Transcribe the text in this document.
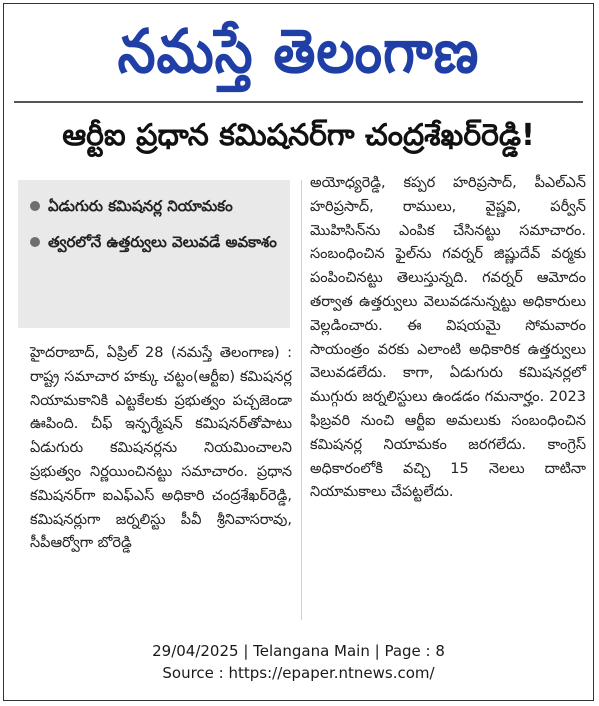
నమస్తే తెలంగాణ
ఆర్టీఐ ప్రధాన కమిషనర్‌గా చంద్రశేఖర్‌రెడ్డి!
ఏడుగురు కమిషనర్ల నియామకం
త్వరలోనే ఉత్తర్వులు వెలువడే అవకాశం

హైదరాబాద్, ఏప్రిల్ 28 (నమస్తే తెలంగాణ) : రాష్ట్ర సమాచార హక్కు చట్టం(ఆర్టీఐ) కమిషనర్ల నియామకానికి ఎట్టకేలకు ప్రభుత్వం పచ్చజెండా ఊపింది. చీఫ్ ఇన్ఫర్మేషన్ కమిషనర్‌తోపాటు ఏడుగురు కమిషనర్లను నియమించాలని ప్రభుత్వం నిర్ణయించినట్టు సమాచారం. ప్రధాన కమిషనర్‌గా ఐఎఫ్ఎస్ అధికారి చంద్రశేఖర్‌రెడ్డి, కమిషనర్లుగా జర్నలిస్టు పీవీ శ్రీనివాసరావు, సీపీఆర్వోగా బోరెడ్డి

అయోధ్యరెడ్డి, కప్పర హరిప్రసాద్, పీఎల్ఎన్ హరిప్రసాద్, రాములు, వైష్ణవి, పర్వీన్ మొహిసిన్‌ను ఎంపిక చేసినట్టు సమాచారం. సంబంధించిన ఫైల్‌ను గవర్నర్ జిష్ణుదేవ్ వర్మకు పంపించినట్టు తెలుస్తున్నది. గవర్నర్ ఆమోదం తర్వాత ఉత్తర్వులు వెలువడనున్నట్టు అధికారులు వెల్లడించారు. ఈ విషయమై సోమవారం సాయంత్రం వరకు ఎలాంటి అధికారిక ఉత్తర్వులు వెలువడలేదు. కాగా, ఏడుగురు కమిషనర్లలో ముగ్గురు జర్నలిస్టులు ఉండడం గమనార్హం. 2023 ఫిబ్రవరి నుంచి ఆర్టీఐ అమలుకు సంబంధించిన కమిషనర్ల నియామకం జరగలేదు. కాంగ్రెస్ అధికారంలోకి వచ్చి 15 నెలలు దాటినా నియామకాలు చేపట్టలేదు.

29/04/2025 | Telangana Main | Page : 8
Source : https://epaper.ntnews.com/
